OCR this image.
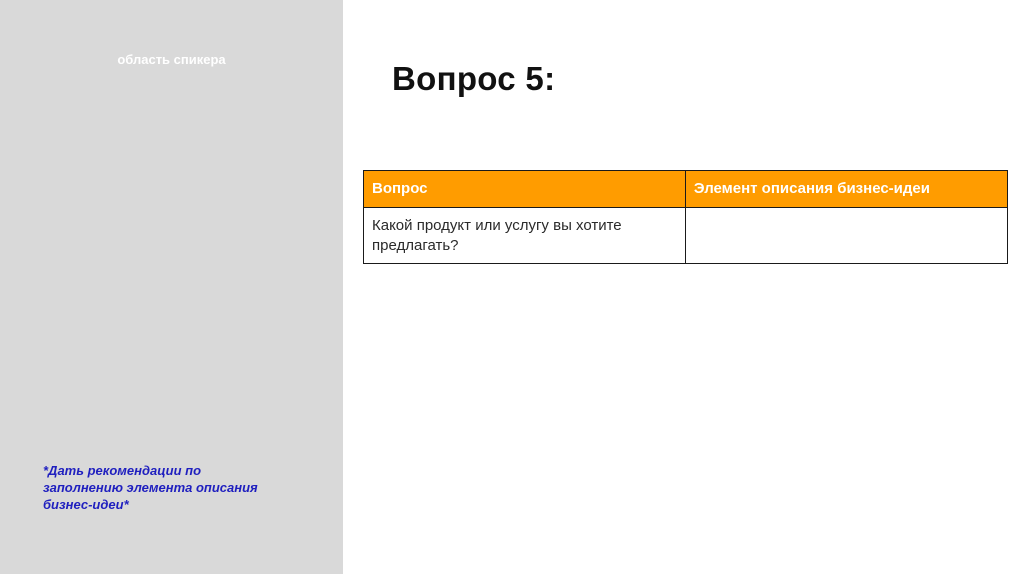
область спикера
*Дать рекомендации по заполнению элемента описания бизнес-идеи*
Вопрос 5:
Вопрос	Элемент описания бизнес-идеи

Какой продукт или услугу вы хотите предлагать?	
